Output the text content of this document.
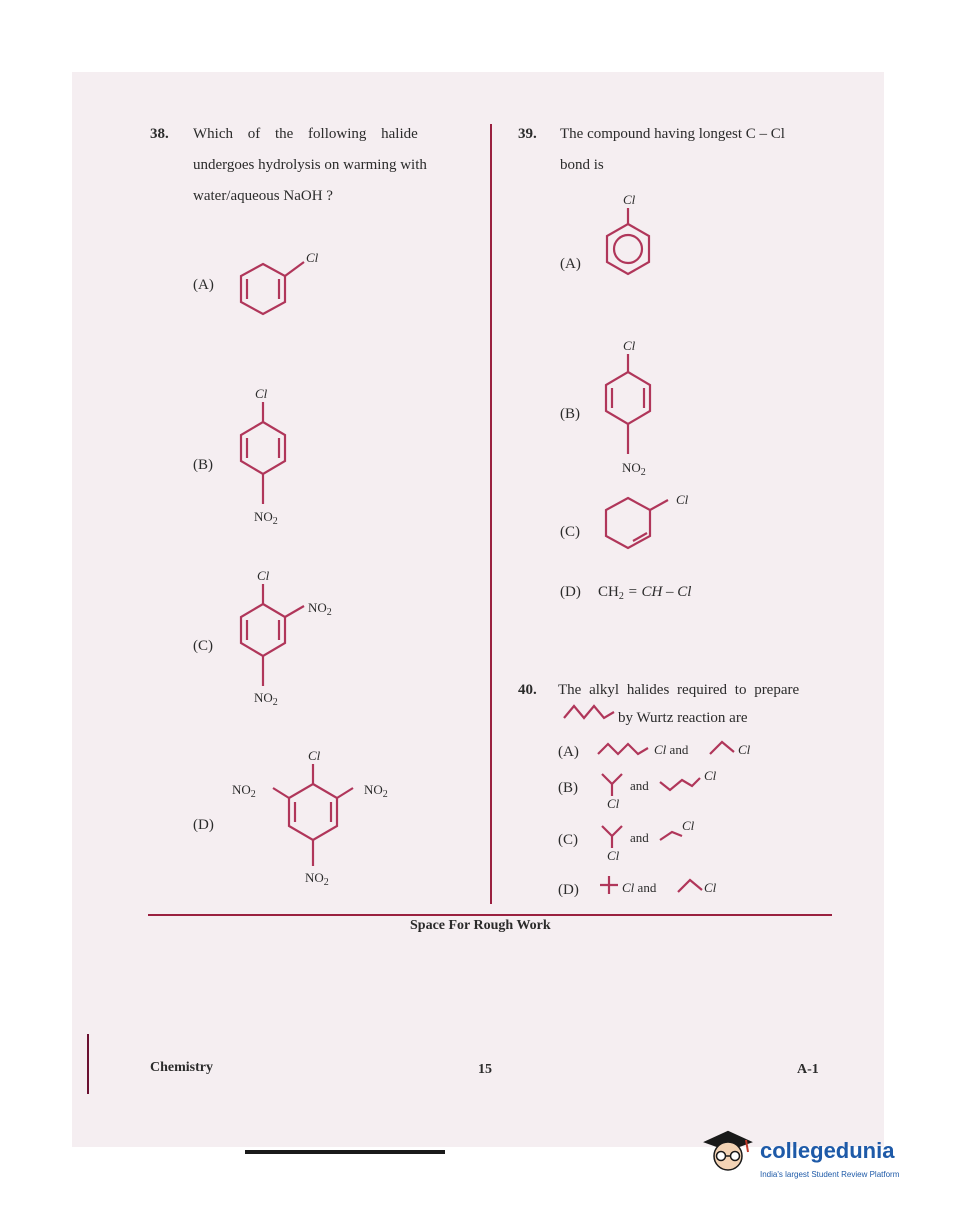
38. Which of the following halide
undergoes hydrolysis on warming with
water/aqueous NaOH ?
(A)
Cl
(B)
Cl
$NO_2$
(C)
Cl
$NO_2$
$NO_2$
(D)
Cl
$NO_2$	$NO_2$
$NO_2$
39. The compound having longest C – Cl
bond is
(A)
Cl
(B)
Cl
$NO_2$
(C)
Cl
(D) $CH_2$ = CH – Cl
40. The alkyl halides required to prepare
by Wurtz reaction are
(A)	Cl and	Cl
(B)
Cl
and
Cl
(C)
Cl
and
Cl
(D)	Cl and	Cl
Space For Rough Work
Chemistry	15	A-1
collegedunia
India's largest Student Review Platform
